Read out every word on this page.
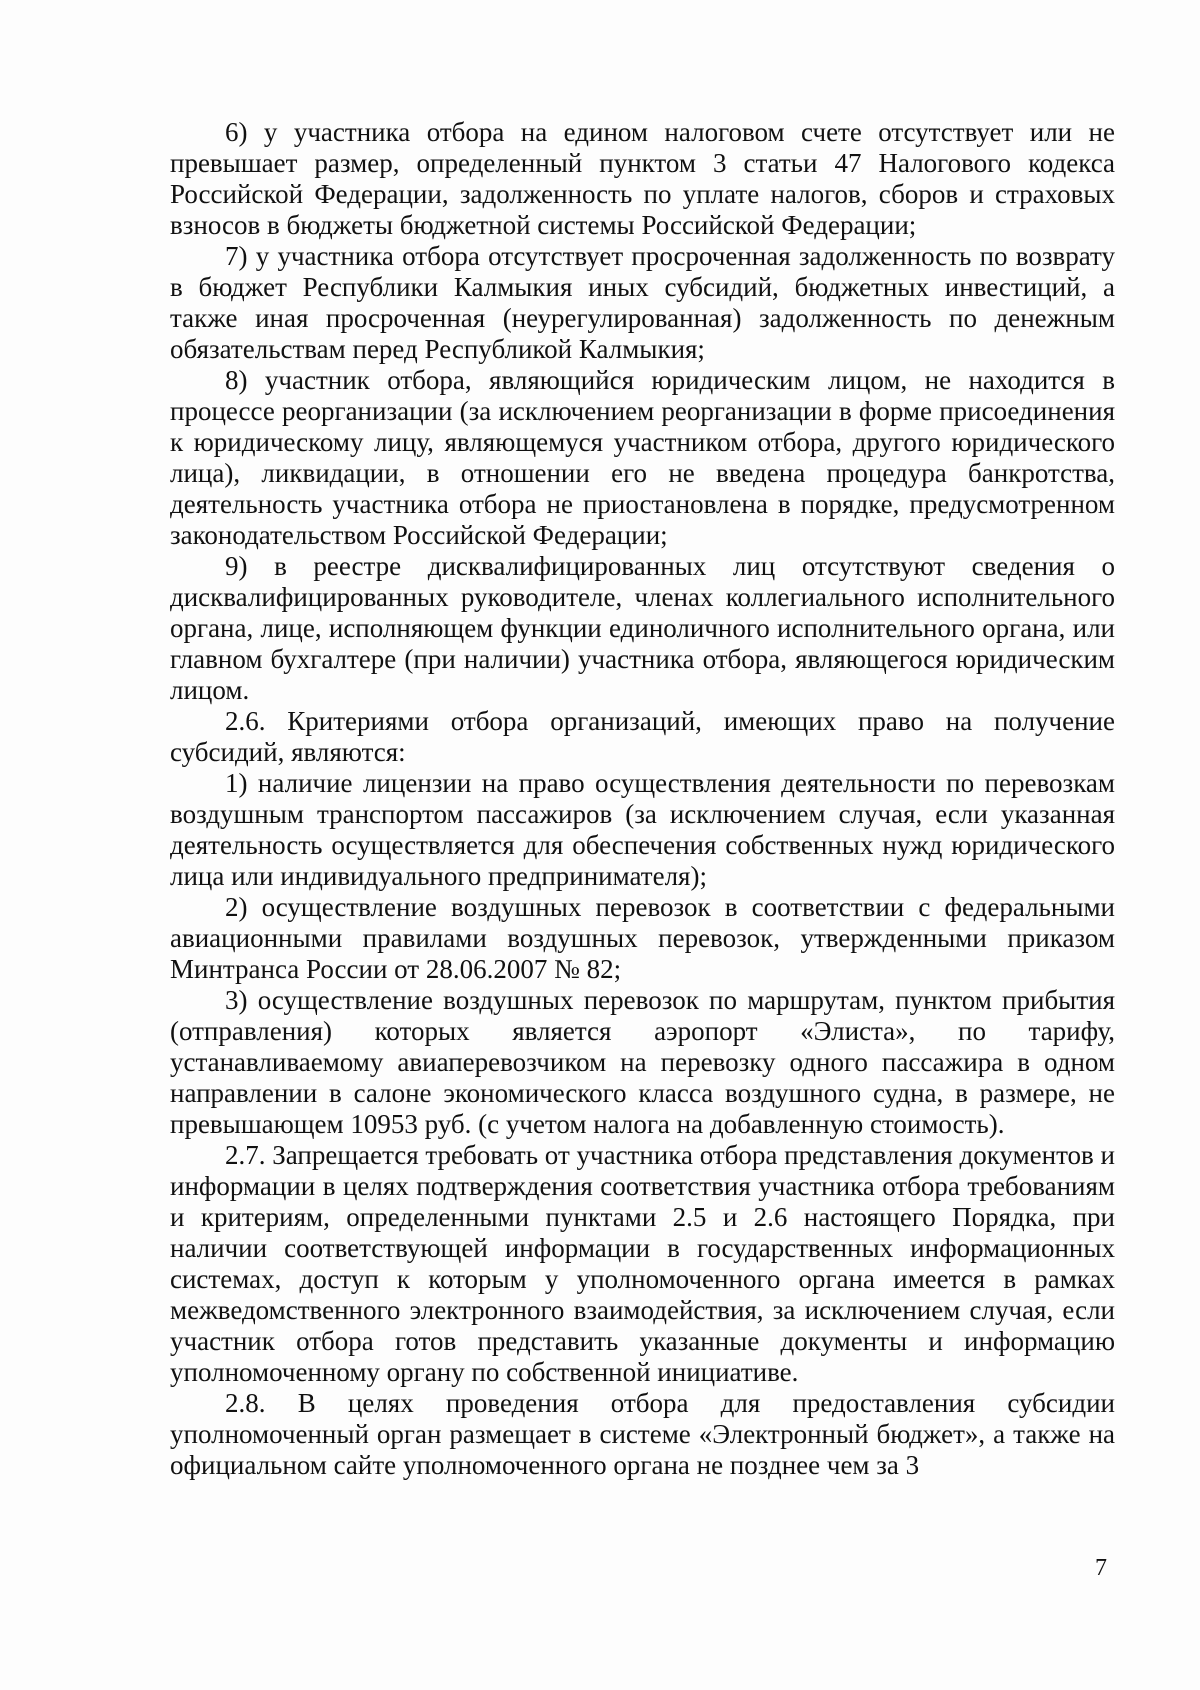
6) у участника отбора на едином налоговом счете отсутствует или не превышает размер, определенный пунктом 3 статьи 47 Налогового кодекса Российской Федерации, задолженность по уплате налогов, сборов и страховых взносов в бюджеты бюджетной системы Российской Федерации;

7) у участника отбора отсутствует просроченная задолженность по возврату в бюджет Республики Калмыкия иных субсидий, бюджетных инвестиций, а также иная просроченная (неурегулированная) задолженность по денежным обязательствам перед Республикой Калмыкия;

8) участник отбора, являющийся юридическим лицом, не находится в процессе реорганизации (за исключением реорганизации в форме присоединения к юридическому лицу, являющемуся участником отбора, другого юридического лица), ликвидации, в отношении его не введена процедура банкротства, деятельность участника отбора не приостановлена в порядке, предусмотренном законодательством Российской Федерации;

9) в реестре дисквалифицированных лиц отсутствуют сведения о дисквалифицированных руководителе, членах коллегиального исполнительного органа, лице, исполняющем функции единоличного исполнительного органа, или главном бухгалтере (при наличии) участника отбора, являющегося юридическим лицом.

2.6. Критериями отбора организаций, имеющих право на получение субсидий, являются:

1) наличие лицензии на право осуществления деятельности по перевозкам воздушным транспортом пассажиров (за исключением случая, если указанная деятельность осуществляется для обеспечения собственных нужд юридического лица или индивидуального предпринимателя);

2) осуществление воздушных перевозок в соответствии с федеральными авиационными правилами воздушных перевозок, утвержденными приказом Минтранса России от 28.06.2007 № 82;

3) осуществление воздушных перевозок по маршрутам, пунктом прибытия (отправления) которых является аэропорт «Элиста», по тарифу, устанавливаемому авиаперевозчиком на перевозку одного пассажира в одном направлении в салоне экономического класса воздушного судна, в размере, не превышающем 10953 руб. (с учетом налога на добавленную стоимость).

2.7. Запрещается требовать от участника отбора представления документов и информации в целях подтверждения соответствия участника отбора требованиям и критериям, определенными пунктами 2.5 и 2.6 настоящего Порядка, при наличии соответствующей информации в государственных информационных системах, доступ к которым у уполномоченного органа имеется в рамках межведомственного электронного взаимодействия, за исключением случая, если участник отбора готов представить указанные документы и информацию уполномоченному органу по собственной инициативе.

2.8. В целях проведения отбора для предоставления субсидии уполномоченный орган размещает в системе «Электронный бюджет», а также на официальном сайте уполномоченного органа не позднее чем за 3

7
